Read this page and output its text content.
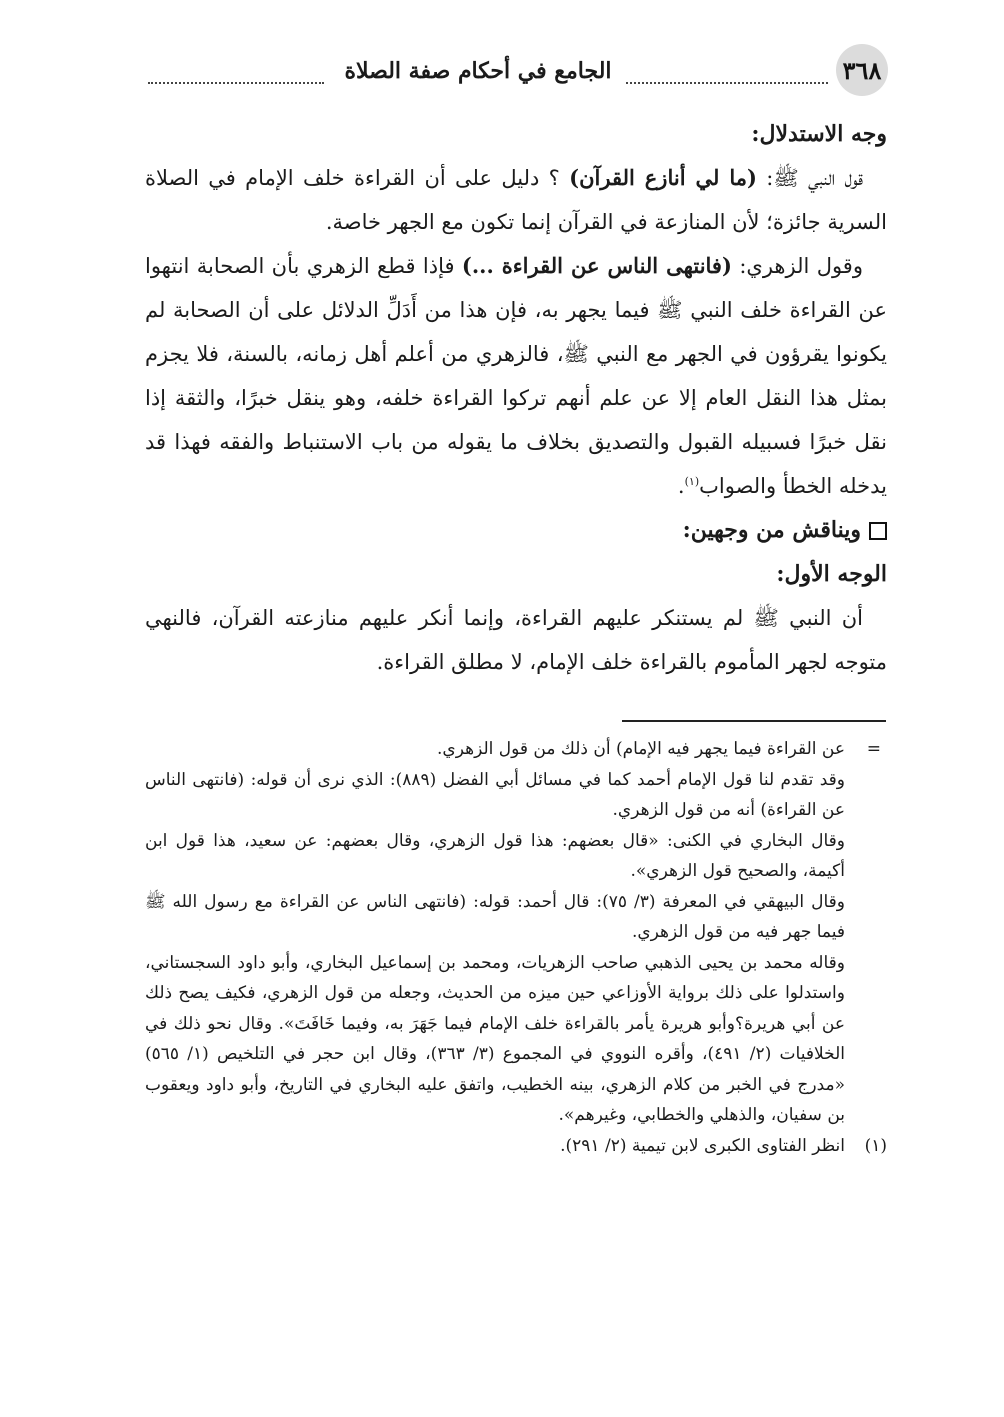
٣٦٨
الجامع في أحكام صفة الصلاة
وجه الاستدلال:

قول النبي ﷺ: (ما لي أنازع القرآن) ؟ دليل على أن القراءة خلف الإمام في الصلاة السرية جائزة؛ لأن المنازعة في القرآن إنما تكون مع الجهر خاصة.

وقول الزهري: (فانتهى الناس عن القراءة ...) فإذا قطع الزهري بأن الصحابة انتهوا عن القراءة خلف النبي ﷺ فيما يجهر به، فإن هذا من أَدَلِّ الدلائل على أن الصحابة لم يكونوا يقرؤون في الجهر مع النبي ﷺ، فالزهري من أعلم أهل زمانه، بالسنة، فلا يجزم بمثل هذا النقل العام إلا عن علم أنهم تركوا القراءة خلفه، وهو ينقل خبرًا، والثقة إذا نقل خبرًا فسبيله القبول والتصديق بخلاف ما يقوله من باب الاستنباط والفقه فهذا قد يدخله الخطأ والصواب$^{(١)}$.

ويناقش من وجهين:
الوجه الأول:

أن النبي ﷺ لم يستنكر عليهم القراءة، وإنما أنكر عليهم منازعته القرآن، فالنهي متوجه لجهر المأموم بالقراءة خلف الإمام، لا مطلق القراءة.

=
عن القراءة فيما يجهر فيه الإمام) أن ذلك من قول الزهري.

وقد تقدم لنا قول الإمام أحمد كما في مسائل أبي الفضل (٨٨٩): الذي نرى أن قوله: (فانتهى الناس عن القراءة) أنه من قول الزهري.

وقال البخاري في الكنى: «قال بعضهم: هذا قول الزهري، وقال بعضهم: عن سعيد، هذا قول ابن أكيمة، والصحيح قول الزهري».

وقال البيهقي في المعرفة (٣/ ٧٥): قال أحمد: قوله: (فانتهى الناس عن القراءة مع رسول الله ﷺ فيما جهر فيه من قول الزهري.

وقاله محمد بن يحيى الذهبي صاحب الزهريات، ومحمد بن إسماعيل البخاري، وأبو داود السجستاني، واستدلوا على ذلك برواية الأوزاعي حين ميزه من الحديث، وجعله من قول الزهري، فكيف يصح ذلك عن أبي هريرة؟وأبو هريرة يأمر بالقراءة خلف الإمام فيما جَهَرَ به، وفيما خَافَتَ». وقال نحو ذلك في الخلافيات (٢/ ٤٩١)، وأقره النووي في المجموع (٣/ ٣٦٣)، وقال ابن حجر في التلخيص (١/ ٥٦٥) «مدرج في الخبر من كلام الزهري، بينه الخطيب، واتفق عليه البخاري في التاريخ، وأبو داود ويعقوب بن سفيان، والذهلي والخطابي، وغيرهم».

(١)
انظر الفتاوى الكبرى لابن تيمية (٢/ ٢٩١).
